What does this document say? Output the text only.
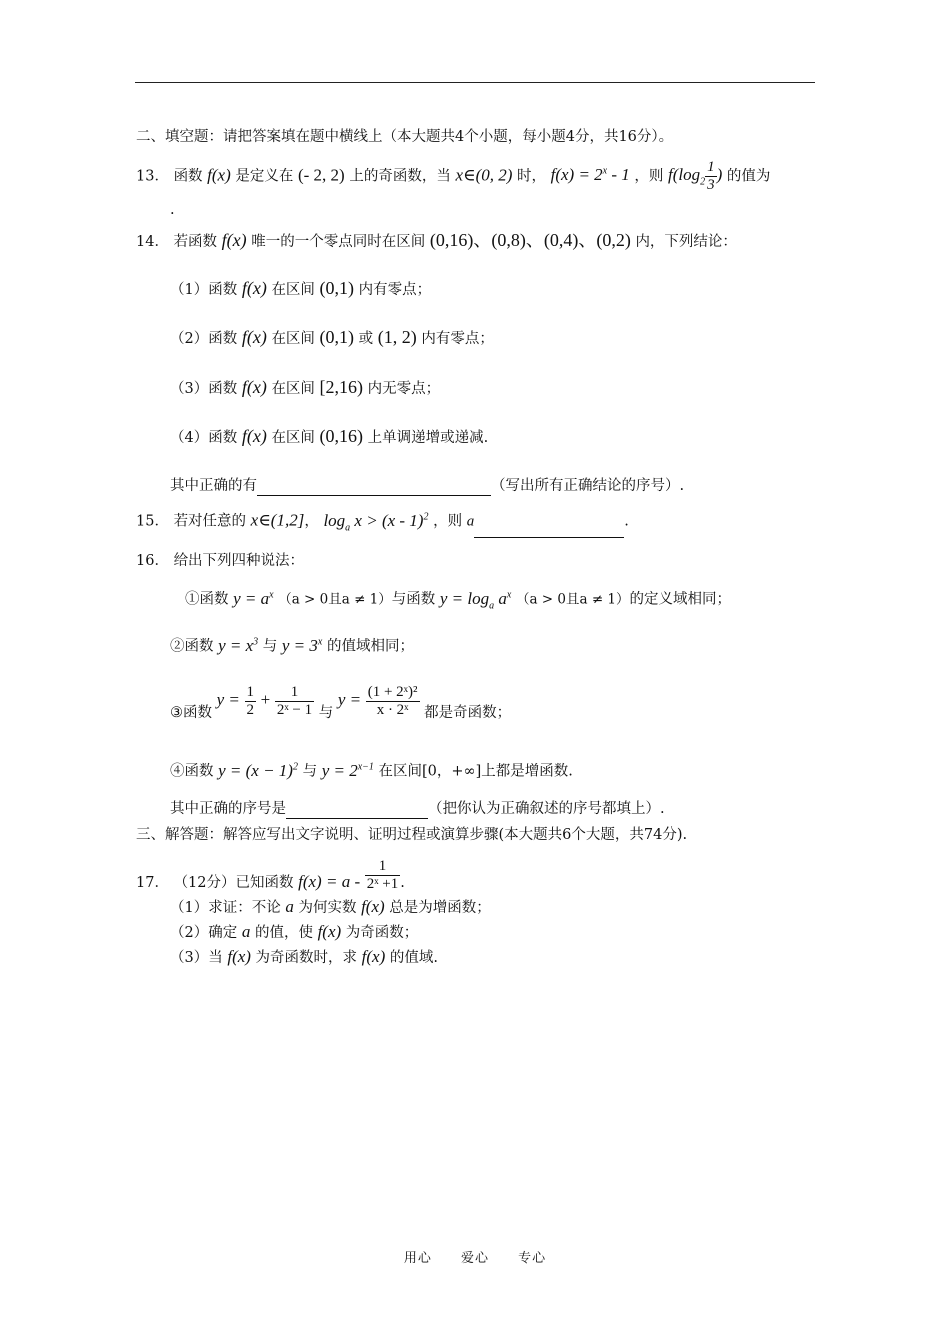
二、填空题：请把答案填在题中横线上（本大题共4个小题，每小题4分，共16分）。
13． 函数 f(x) 是定义在 (- 2, 2) 上的奇函数，当 x∈(0, 2) 时， $f(x) = 2^x - 1$ ，则 $f(\log_2 \frac{1}{3}$ ) 的值为
.
14． 若函数 f(x) 唯一的一个零点同时在区间 (0,16)、(0,8)、(0,4)、(0,2) 内，下列结论：
（1）函数 f(x) 在区间 (0,1) 内有零点；
（2）函数 f(x) 在区间 (0,1) 或 (1, 2) 内有零点；
（3）函数 f(x) 在区间 [2,16) 内无零点；
（4）函数 f(x) 在区间 (0,16) 上单调递增或递减.
其中正确的有	（写出所有正确结论的序号）.
15． 若对任意的 x∈(1,2]， $\log_a x > (x - 1)^2$ ，则 a	.
16． 给出下列四种说法：
①函数 $y = a^x$ （a > 0且a ≠ 1）与函数 $y = \log_a a^x$ （a > 0且a ≠ 1）的定义域相同；
②函数 $y = x^3$ 与 $y = 3^x$ 的值域相同；
③函数 $y = \frac{1}{2} + \frac{1}{\text{2ˣ − 1}}$ 与 $y = \frac{\text{(1 + 2ˣ)²}}{\text{x · 2ˣ}}$ 都是奇函数；
④函数 $y = (x - 1)^2$ 与 $y = 2^{x-1}$ 在区间[0，+∞]上都是增函数.
其中正确的序号是	（把你认为正确叙述的序号都填上）.
三、解答题：解答应写出文字说明、证明过程或演算步骤(本大题共6个大题，共74分).
17． （12分）已知函数 $f(x) = a - \frac{1}{\text{2ˣ +1}}$ .
（1）求证：不论 a 为何实数 f(x) 总是为增函数；
（2）确定 a 的值，使 f(x) 为奇函数；
（3）当 f(x) 为奇函数时，求 f(x) 的值域.
用心 爱心 专心
